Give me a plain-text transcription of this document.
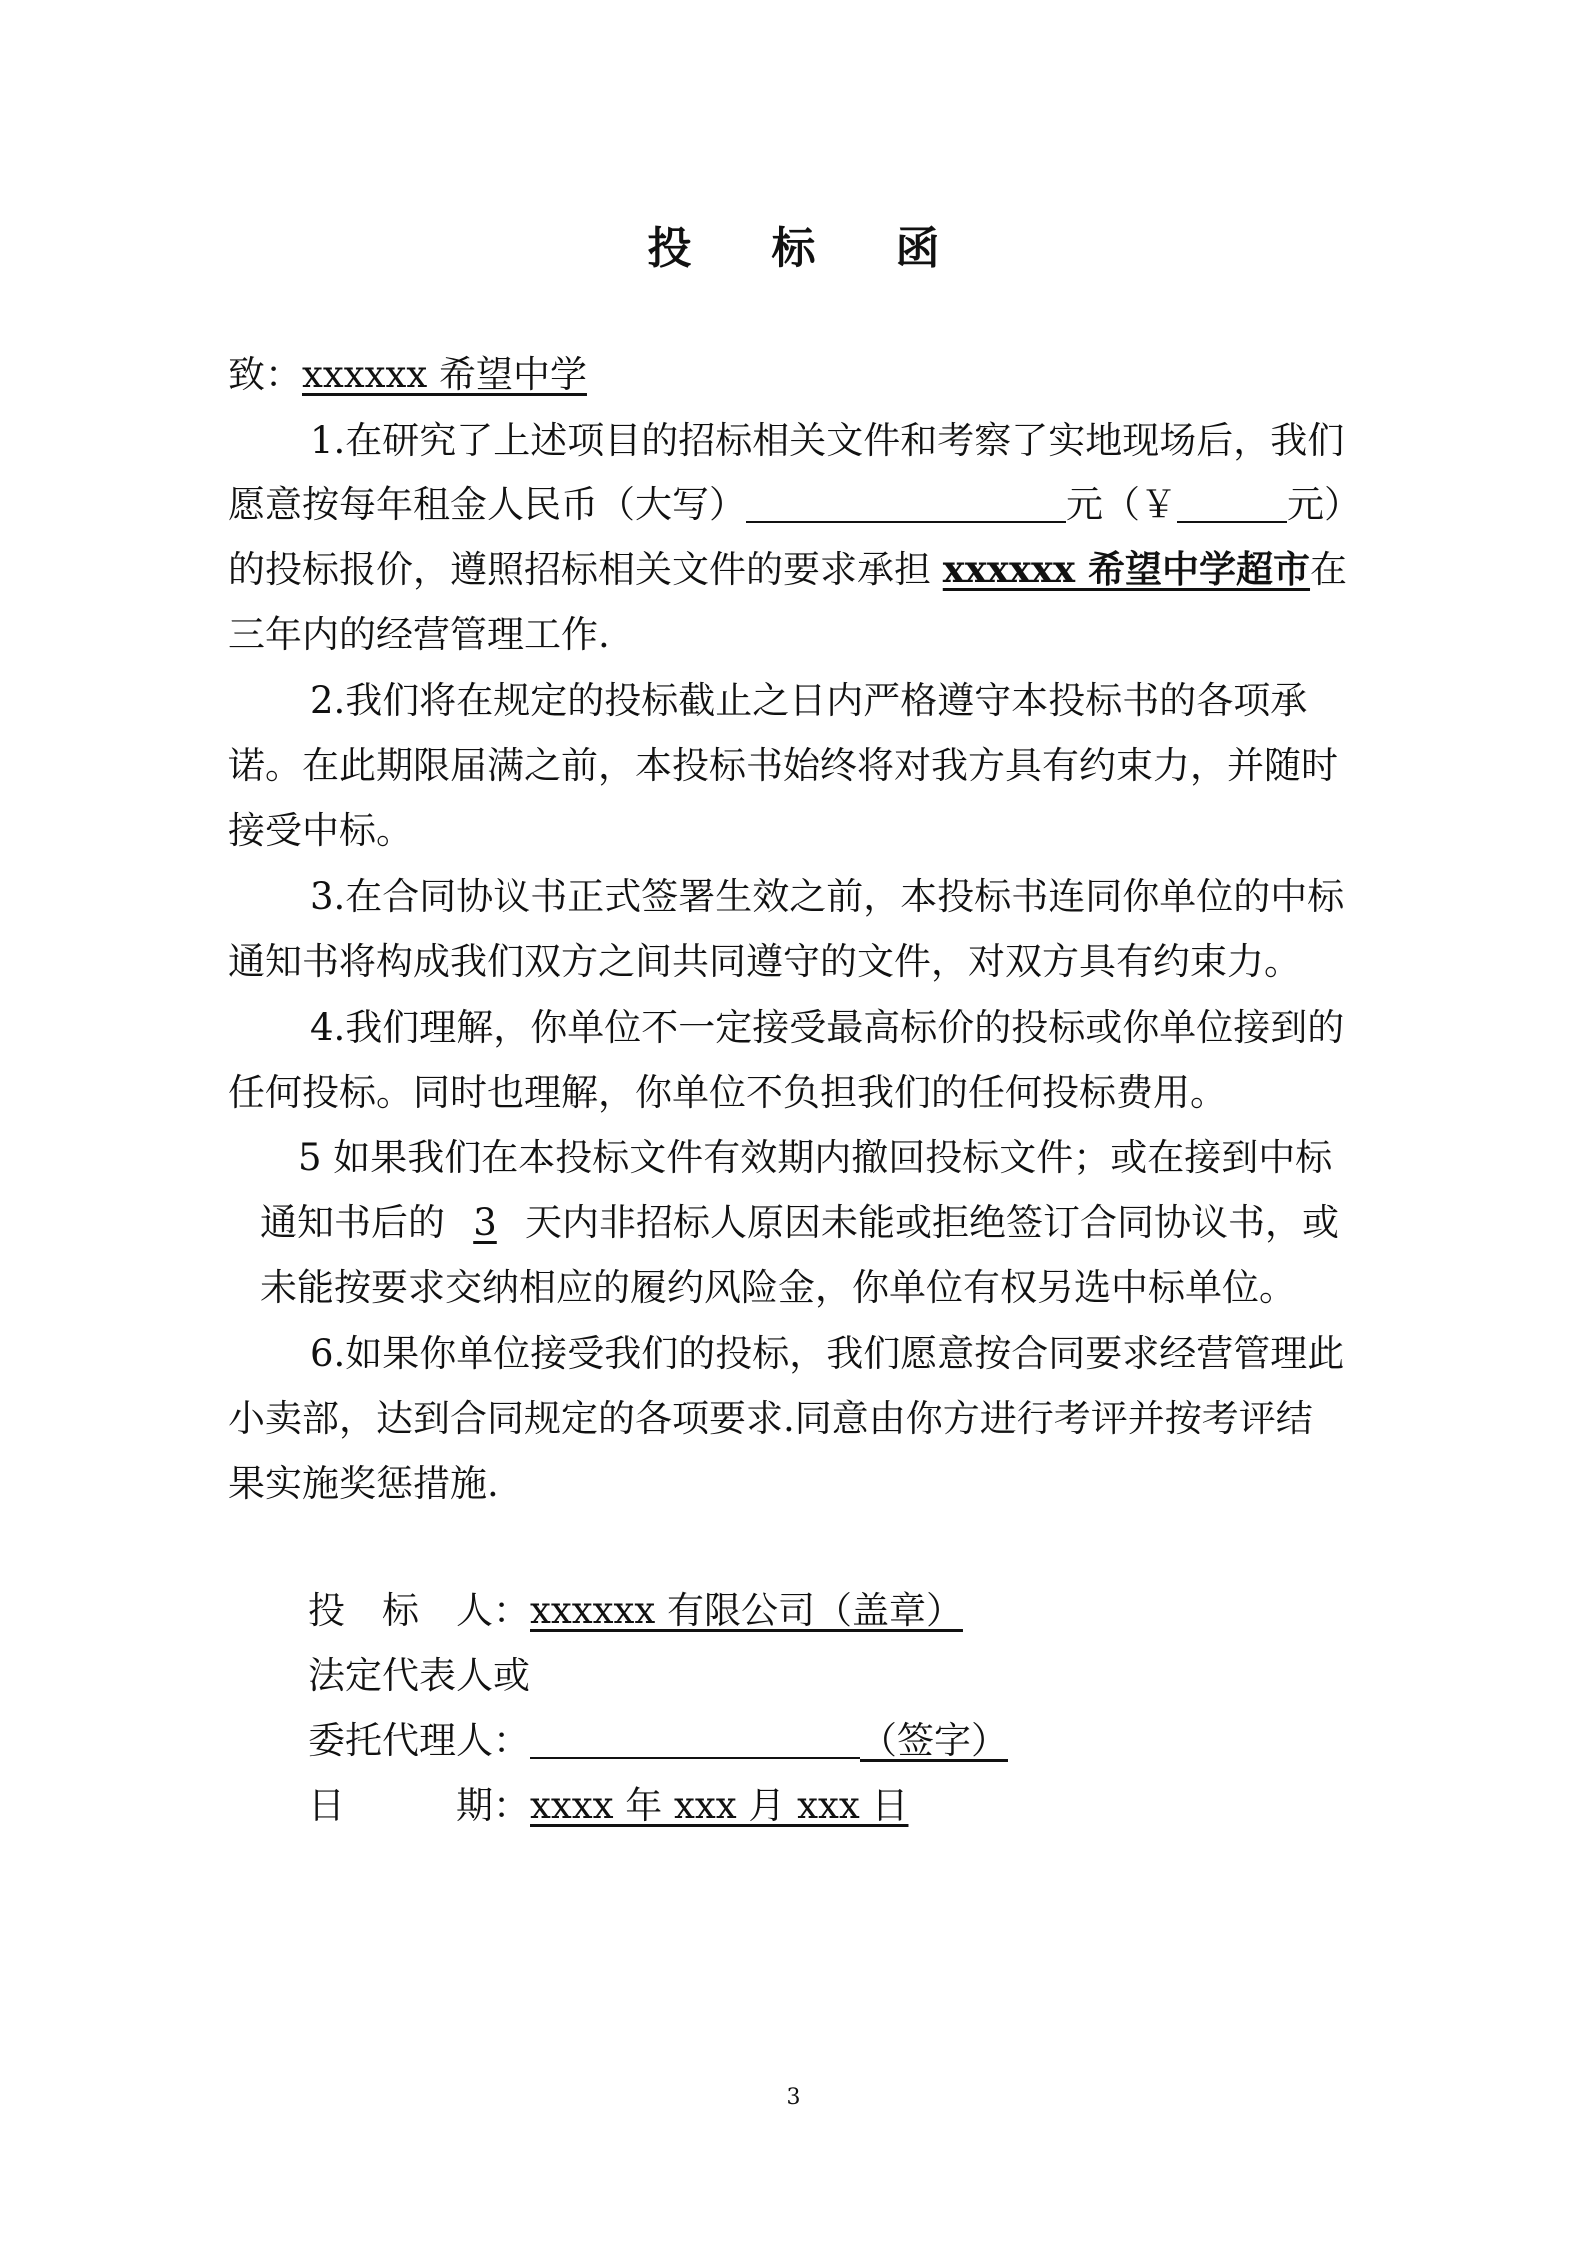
投 标 函
致：xxxxxx 希望中学
1.在研究了上述项目的招标相关文件和考察了实地现场后，我们
愿意按每年租金人民币（大写）	元（￥	元）
的投标报价，遵照招标相关文件的要求承担 xxxxxx 希望中学超市在
三年内的经营管理工作.
2.我们将在规定的投标截止之日内严格遵守本投标书的各项承
诺。在此期限届满之前，本投标书始终将对我方具有约束力，并随时
接受中标。
3.在合同协议书正式签署生效之前，本投标书连同你单位的中标
通知书将构成我们双方之间共同遵守的文件，对双方具有约束力。
4.我们理解，你单位不一定接受最高标价的投标或你单位接到的
任何投标。同时也理解，你单位不负担我们的任何投标费用。
5 如果我们在本投标文件有效期内撤回投标文件；或在接到中标
通知书后的 3 天内非招标人原因未能或拒绝签订合同协议书，或
未能按要求交纳相应的履约风险金，你单位有权另选中标单位。
6.如果你单位接受我们的投标，我们愿意按合同要求经营管理此
小卖部，达到合同规定的各项要求.同意由你方进行考评并按考评结
果实施奖惩措施.
投　标　人：xxxxxx 有限公司（盖章）
法定代表人或
委托代理人：	（签字）
日　　　期：xxxx 年 xxx 月 xxx 日
3
